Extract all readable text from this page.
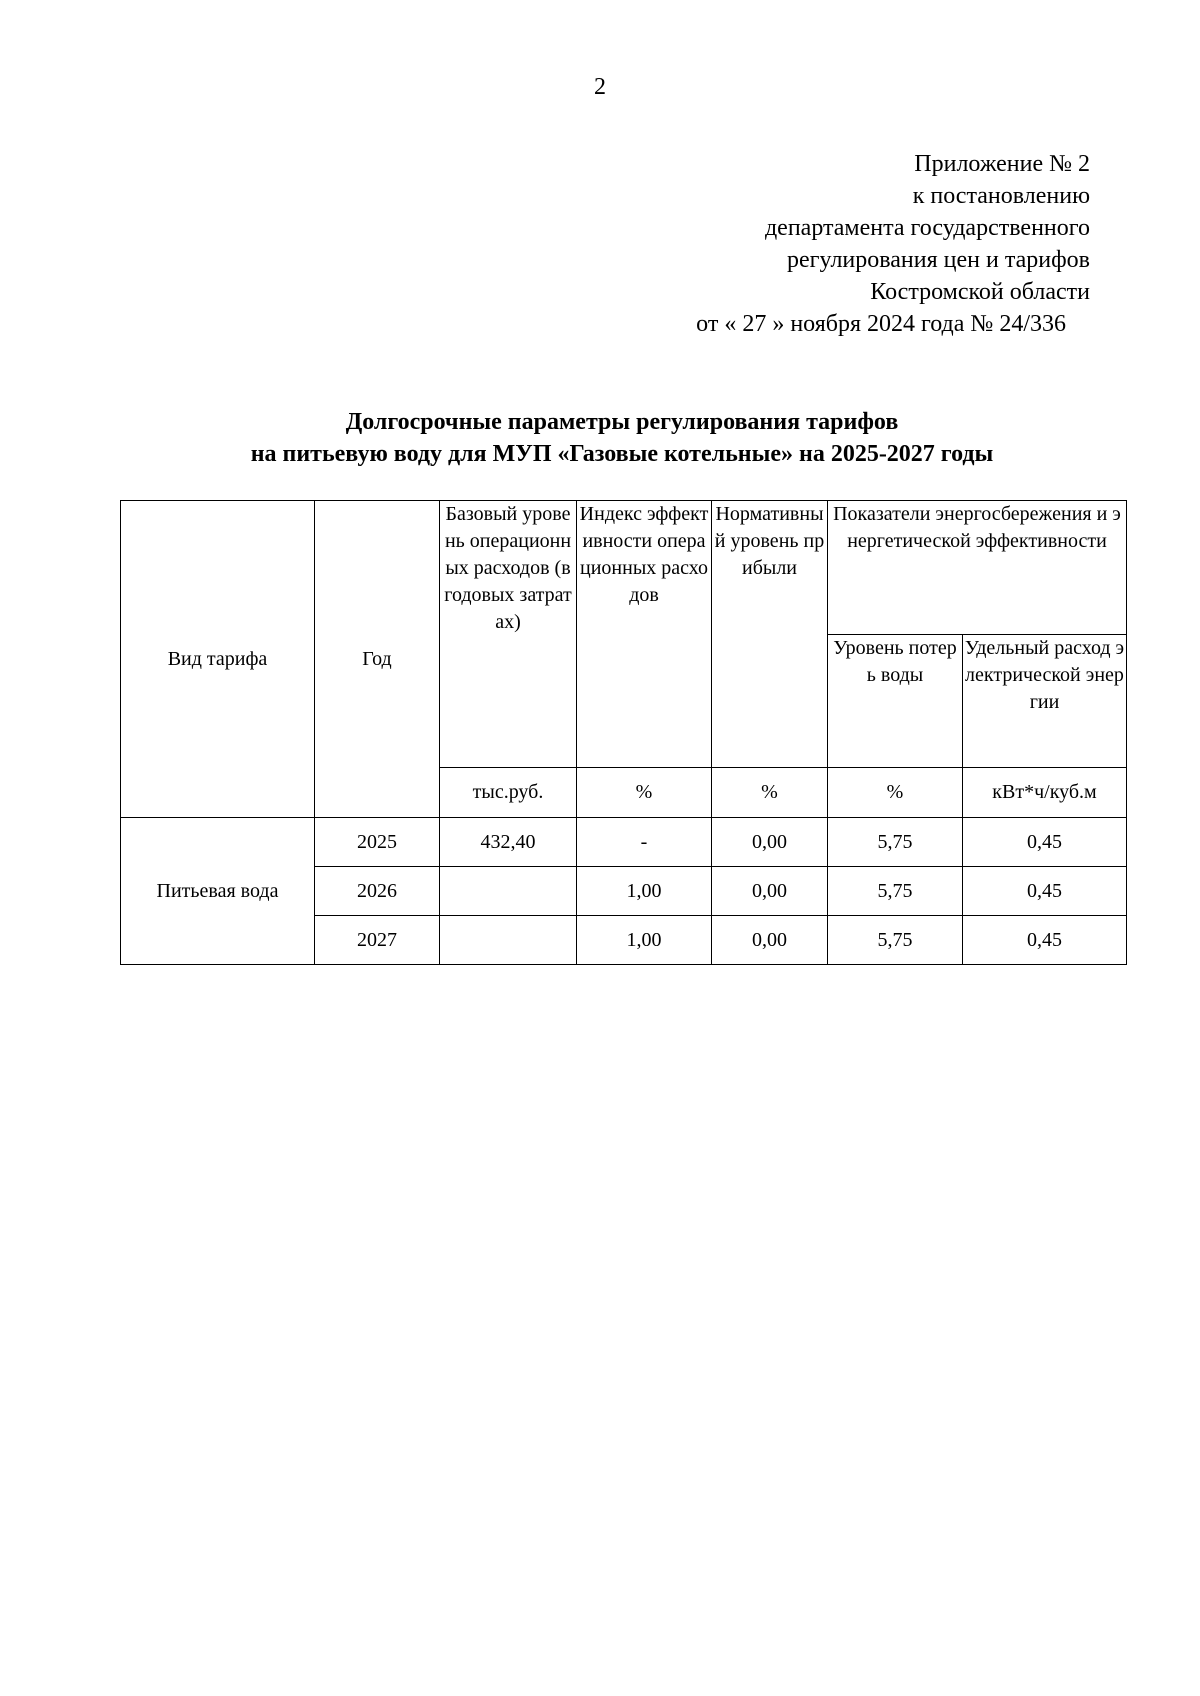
2
Приложение № 2
к постановлению
департамента государственного
регулирования цен и тарифов
Костромской области
от « 27 » ноября 2024 года № 24/336
Долгосрочные параметры регулирования тарифов
на питьевую воду для МУП «Газовые котельные» на 2025-2027 годы
Вид тарифа	Год	Базовый уровень операционных расходов (в годовых затратах)	Индекс эффективности операционных расходов	Нормативный уровень прибыли	Показатели энергосбережения и энергетической эффективности	
					Уровень потерь воды	Удельный расход электрической энергии
		тыс.руб.	%	%	%	кВт*ч/куб.м
Питьевая вода	2025	432,40	-	0,00	5,75	0,45
	2026		1,00	0,00	5,75	0,45
	2027		1,00	0,00	5,75	0,45
